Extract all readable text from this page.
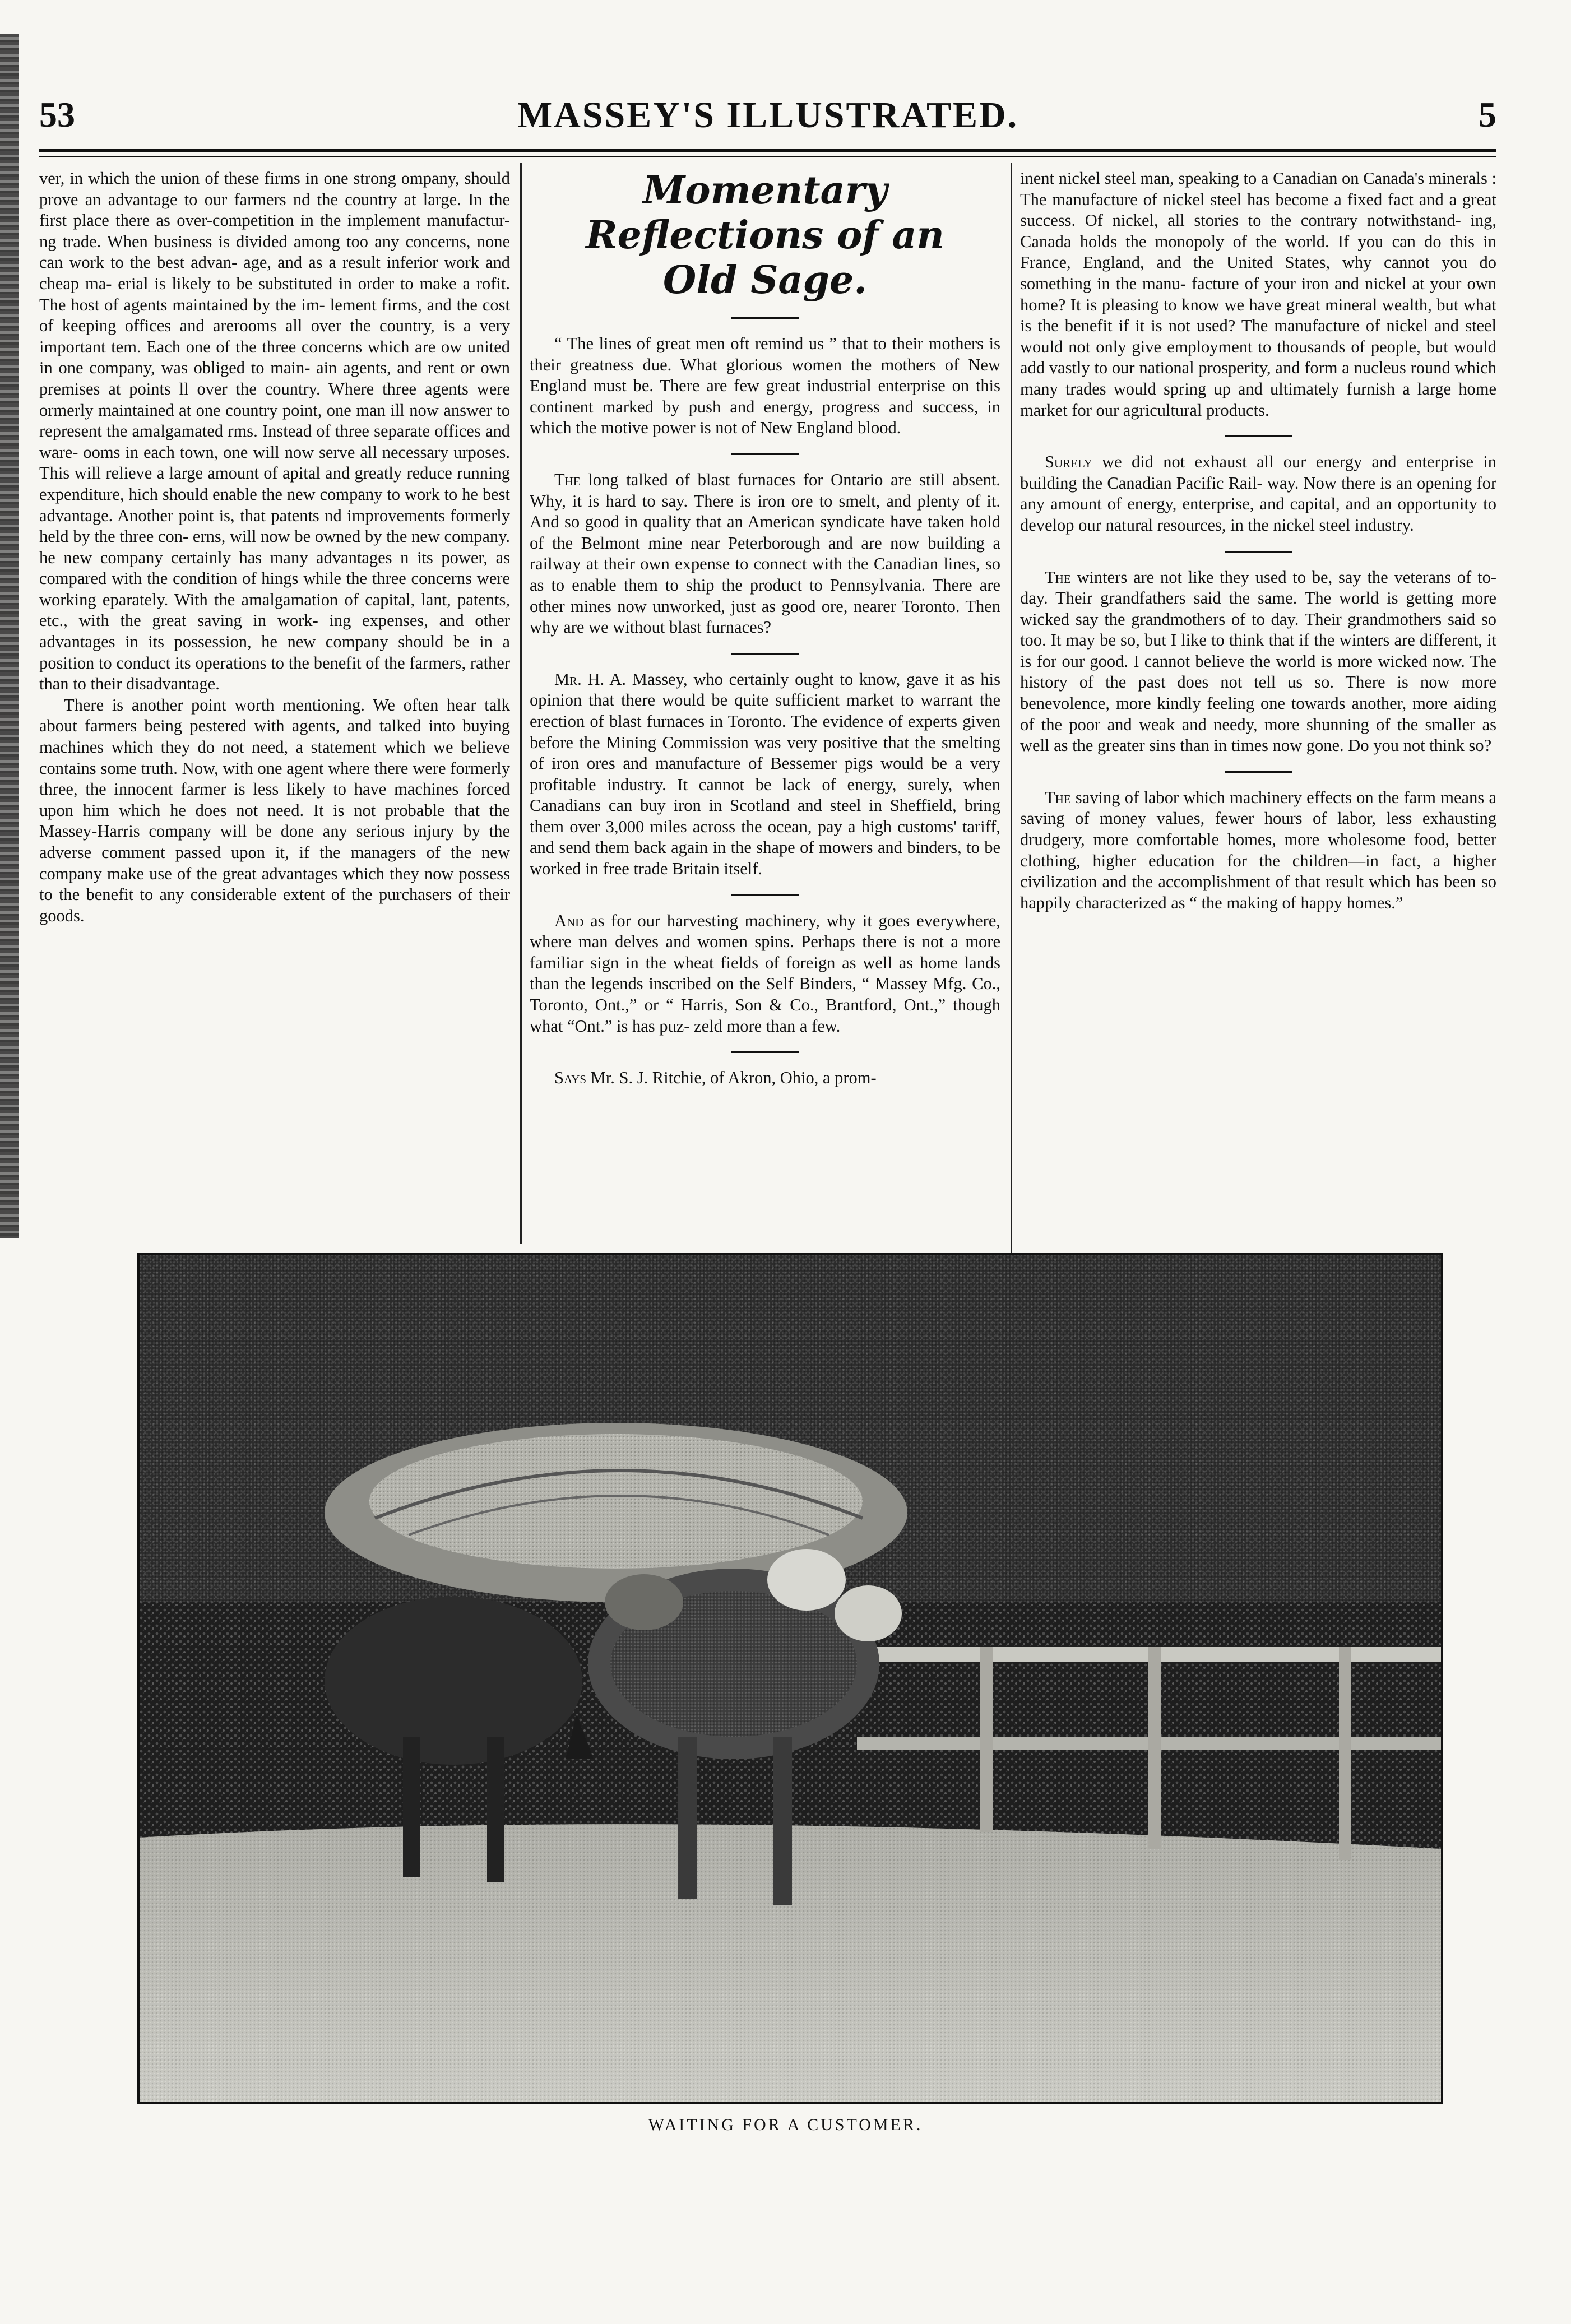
53	MASSEY'S ILLUSTRATED.	5

ver, in which the union of these firms in one strong ompany, should prove an advantage to our farmers nd the country at large. In the first place there as over-competition in the implement manufactur- ng trade. When business is divided among too any concerns, none can work to the best advan- age, and as a result inferior work and cheap ma- erial is likely to be substituted in order to make a rofit. The host of agents maintained by the im- lement firms, and the cost of keeping offices and arerooms all over the country, is a very important tem. Each one of the three concerns which are ow united in one company, was obliged to main- ain agents, and rent or own premises at points ll over the country. Where three agents were ormerly maintained at one country point, one man ill now answer to represent the amalgamated rms. Instead of three separate offices and ware- ooms in each town, one will now serve all necessary urposes. This will relieve a large amount of apital and greatly reduce running expenditure, hich should enable the new company to work to he best advantage. Another point is, that patents nd improvements formerly held by the three con- erns, will now be owned by the new company. he new company certainly has many advantages n its power, as compared with the condition of hings while the three concerns were working eparately. With the amalgamation of capital, lant, patents, etc., with the great saving in work- ing expenses, and other advantages in its possession, he new company should be in a position to conduct its operations to the benefit of the farmers, rather than to their disadvantage.

There is another point worth mentioning. We often hear talk about farmers being pestered with agents, and talked into buying machines which they do not need, a statement which we believe contains some truth. Now, with one agent where there were formerly three, the innocent farmer is less likely to have machines forced upon him which he does not need. It is not probable that the Massey-Harris company will be done any serious injury by the adverse comment passed upon it, if the managers of the new company make use of the great advantages which they now possess to the benefit to any considerable extent of the purchasers of their goods.

Momentary Reflections of an
Old Sage.

“ The lines of great men oft remind us ” that to their mothers is their greatness due. What glorious women the mothers of New England must be. There are few great industrial enterprise on this continent marked by push and energy, progress and success, in which the motive power is not of New England blood.

The long talked of blast furnaces for Ontario are still absent. Why, it is hard to say. There is iron ore to smelt, and plenty of it. And so good in quality that an American syndicate have taken hold of the Belmont mine near Peterborough and are now building a railway at their own expense to connect with the Canadian lines, so as to enable them to ship the product to Pennsylvania. There are other mines now unworked, just as good ore, nearer Toronto. Then why are we without blast furnaces?

Mr. H. A. Massey, who certainly ought to know, gave it as his opinion that there would be quite sufficient market to warrant the erection of blast furnaces in Toronto. The evidence of experts given before the Mining Commission was very positive that the smelting of iron ores and manufacture of Bessemer pigs would be a very profitable industry. It cannot be lack of energy, surely, when Canadians can buy iron in Scotland and steel in Sheffield, bring them over 3,000 miles across the ocean, pay a high customs' tariff, and send them back again in the shape of mowers and binders, to be worked in free trade Britain itself.

And as for our harvesting machinery, why it goes everywhere, where man delves and women spins. Perhaps there is not a more familiar sign in the wheat fields of foreign as well as home lands than the legends inscribed on the Self Binders, “ Massey Mfg. Co., Toronto, Ont.,” or “ Harris, Son & Co., Brantford, Ont.,” though what “Ont.” is has puz- zeld more than a few.

Says Mr. S. J. Ritchie, of Akron, Ohio, a prom-

inent nickel steel man, speaking to a Canadian on Canada's minerals : The manufacture of nickel steel has become a fixed fact and a great success. Of nickel, all stories to the contrary notwithstand- ing, Canada holds the monopoly of the world. If you can do this in France, England, and the United States, why cannot you do something in the manu- facture of your iron and nickel at your own home? It is pleasing to know we have great mineral wealth, but what is the benefit if it is not used? The manufacture of nickel and steel would not only give employment to thousands of people, but would add vastly to our national prosperity, and form a nucleus round which many trades would spring up and ultimately furnish a large home market for our agricultural products.

Surely we did not exhaust all our energy and enterprise in building the Canadian Pacific Rail- way. Now there is an opening for any amount of energy, enterprise, and capital, and an opportunity to develop our natural resources, in the nickel steel industry.

The winters are not like they used to be, say the veterans of to-day. Their grandfathers said the same. The world is getting more wicked say the grandmothers of to day. Their grandmothers said so too. It may be so, but I like to think that if the winters are different, it is for our good. I cannot believe the world is more wicked now. The history of the past does not tell us so. There is now more benevolence, more kindly feeling one towards another, more aiding of the poor and weak and needy, more shunning of the smaller as well as the greater sins than in times now gone. Do you not think so?

The saving of labor which machinery effects on the farm means a saving of money values, fewer hours of labor, less exhausting drudgery, more comfortable homes, more wholesome food, better clothing, higher education for the children—in fact, a higher civilization and the accomplishment of that result which has been so happily characterized as “ the making of happy homes.”

WAITING FOR A CUSTOMER.
